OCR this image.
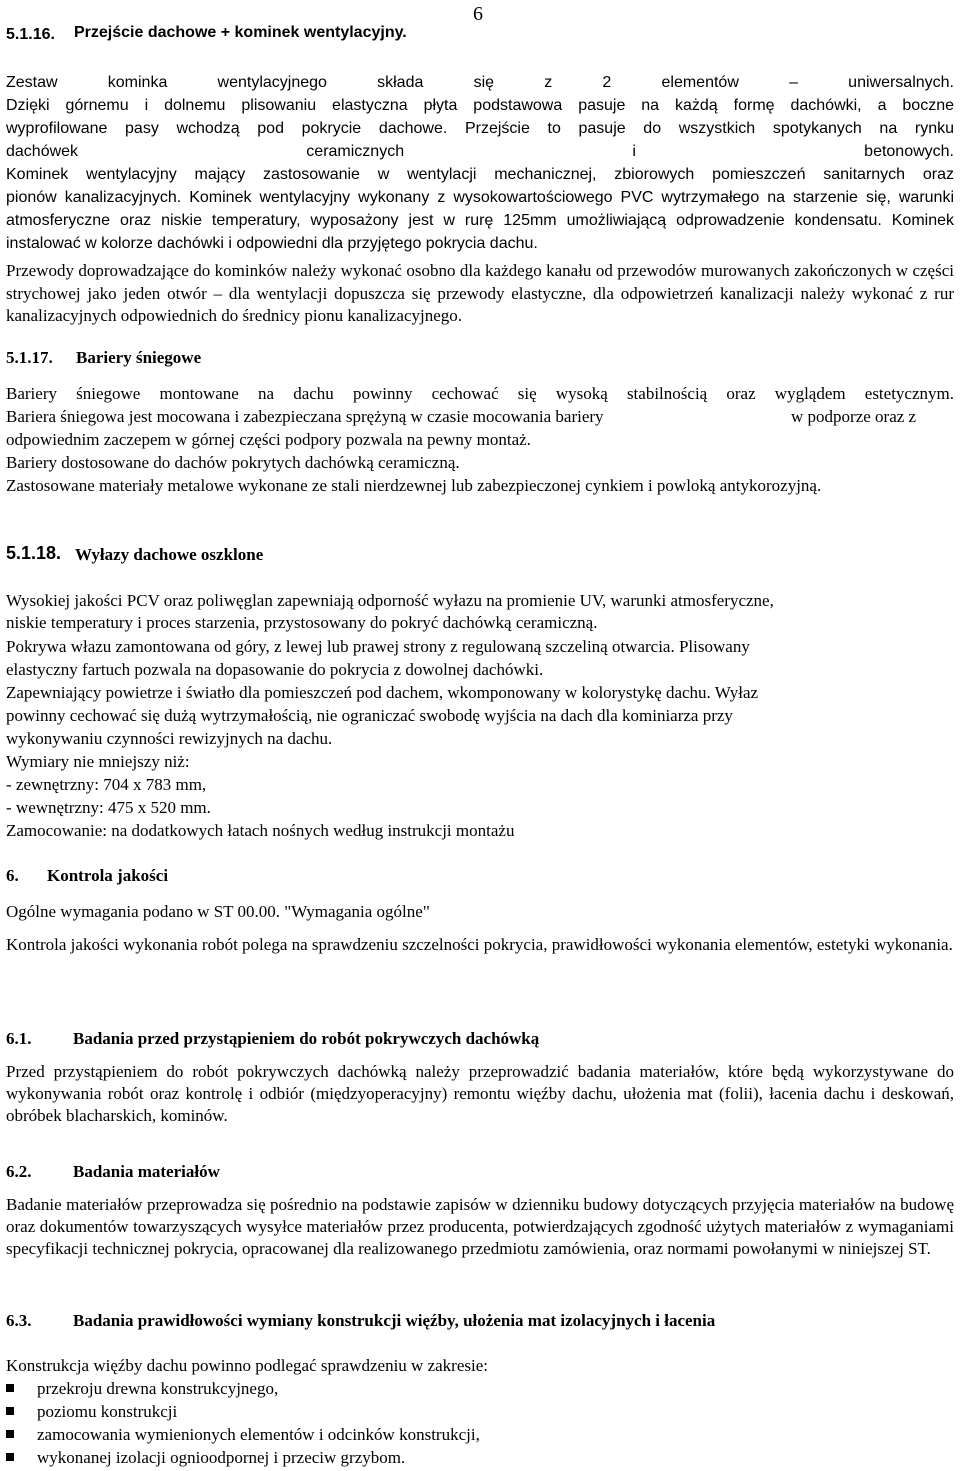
5.1.16. Przejście dachowe + kominek wentylacyjny.
6
Zestaw kominka wentylacyjnego składa się z 2 elementów – uniwersalnych.
Dzięki górnemu i dolnemu plisowaniu elastyczna płyta podstawowa pasuje na każdą formę dachówki, a boczne
wyprofilowane pasy wchodzą pod pokrycie dachowe. Przejście to pasuje do wszystkich spotykanych na rynku
dachówek ceramicznych i betonowych.
Kominek wentylacyjny mający zastosowanie w wentylacji mechanicznej, zbiorowych pomieszczeń sanitarnych oraz
pionów kanalizacyjnych. Kominek wentylacyjny wykonany z wysokowartościowego PVC wytrzymałego na starzenie się, warunki atmosferyczne oraz niskie temperatury, wyposażony jest w rurę 125mm umożliwiającą odprowadzenie kondensatu. Kominek instalować w kolorze dachówki i odpowiedni dla przyjętego pokrycia dachu.
Przewody doprowadzające do kominków należy wykonać osobno dla każdego kanału od przewodów murowanych zakończonych w części strychowej jako jeden otwór – dla wentylacji dopuszcza się przewody elastyczne, dla odpowietrzeń kanalizacji należy wykonać z rur kanalizacyjnych odpowiednich do średnicy pionu kanalizacyjnego.
5.1.17. Bariery śniegowe
Bariery śniegowe montowane na dachu powinny cechować się wysoką stabilnością oraz wyglądem estetycznym.
Bariera śniegowa jest mocowana i zabezpieczana sprężyną w czasie mocowania bariery	w podporze oraz z
odpowiednim zaczepem w górnej części podpory pozwala na pewny montaż.
Bariery dostosowane do dachów pokrytych dachówką ceramiczną.
Zastosowane materiały metalowe wykonane ze stali nierdzewnej lub zabezpieczonej cynkiem i powloką antykorozyjną.
5.1.18. Wyłazy dachowe oszklone
Wysokiej jakości PCV oraz poliwęglan zapewniają odporność wyłazu na promienie UV, warunki atmosferyczne,
niskie temperatury i proces starzenia, przystosowany do pokryć dachówką ceramiczną.
Pokrywa włazu zamontowana od góry, z lewej lub prawej strony z regulowaną szczeliną otwarcia. Plisowany
elastyczny fartuch pozwala na dopasowanie do pokrycia z dowolnej dachówki.
Zapewniający powietrze i światło dla pomieszczeń pod dachem, wkomponowany w kolorystykę dachu. Wyłaz
powinny cechować się dużą wytrzymałością, nie ograniczać swobodę wyjścia na dach dla kominiarza przy
wykonywaniu czynności rewizyjnych na dachu.
Wymiary nie mniejszy niż:
- zewnętrzny: 704 x 783 mm,
- wewnętrzny: 475 x 520 mm.
Zamocowanie: na dodatkowych łatach nośnych według instrukcji montażu
6. Kontrola jakości
Ogólne wymagania podano w ST 00.00. "Wymagania ogólne"
Kontrola jakości wykonania robót polega na sprawdzeniu szczelności pokrycia, prawidłowości wykonania elementów, estetyki wykonania.
6.1. Badania przed przystąpieniem do robót pokrywczych dachówką
Przed przystąpieniem do robót pokrywczych dachówką należy przeprowadzić badania materiałów, które będą wykorzystywane do wykonywania robót oraz kontrolę i odbiór (międzyoperacyjny) remontu więźby dachu, ułożenia mat (folii), łacenia dachu i deskowań, obróbek blacharskich, kominów.
6.2. Badania materiałów
Badanie materiałów przeprowadza się pośrednio na podstawie zapisów w dzienniku budowy dotyczących przyjęcia materiałów na budowę oraz dokumentów towarzyszących wysyłce materiałów przez producenta, potwierdzających zgodność użytych materiałów z wymaganiami specyfikacji technicznej pokrycia, opracowanej dla realizowanego przedmiotu zamówienia, oraz normami powołanymi w niniejszej ST.
6.3. Badania prawidłowości wymiany konstrukcji więźby, ułożenia mat izolacyjnych i łacenia
Konstrukcja więźby dachu powinno podlegać sprawdzeniu w zakresie:
przekroju drewna konstrukcyjnego,
poziomu konstrukcji
zamocowania wymienionych elementów i odcinków konstrukcji,
wykonanej izolacji ognioodpornej i przeciw grzybom.
